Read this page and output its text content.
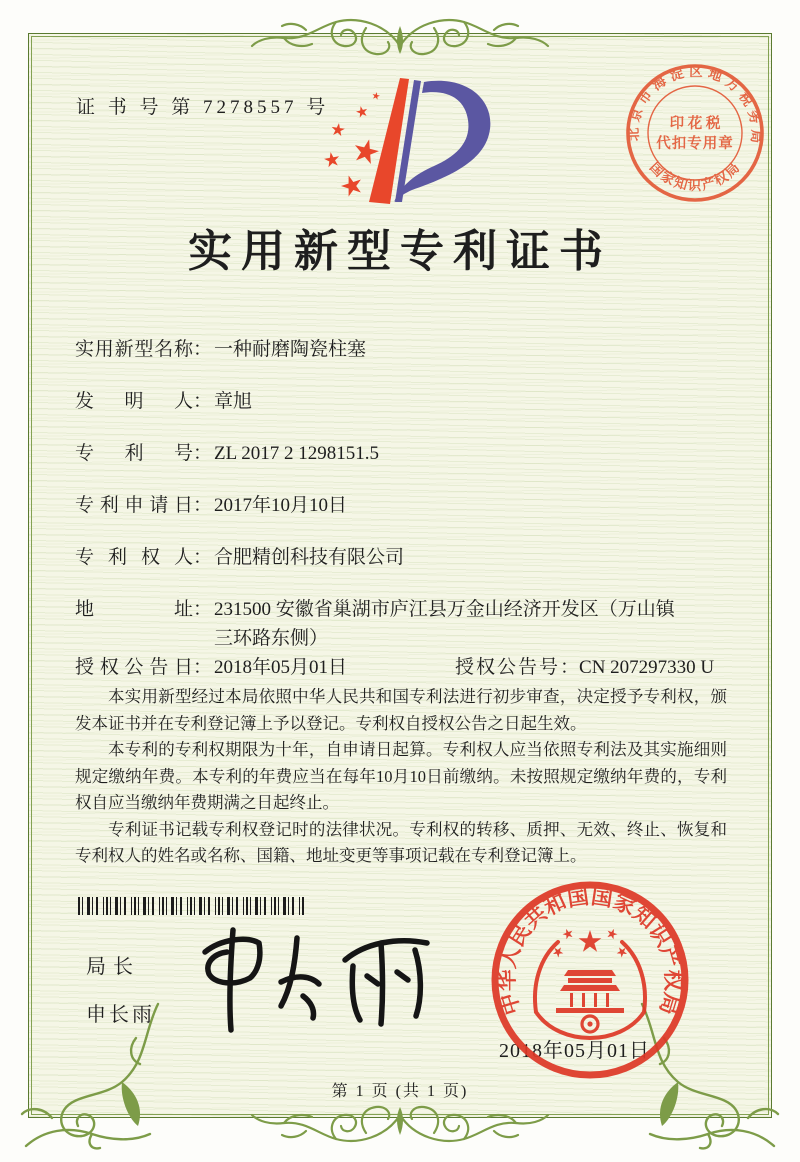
证 书 号 第 7278557 号
北京市海淀区地方税务局
国家知识产权局
印 花 税
代扣专用章
实用新型专利证书
实用新型名称 ： 一种耐磨陶瓷柱塞
发明人 ： 章旭
专利号 ： ZL 2017 2 1298151.5
专利申请日 ： 2017年10月10日
专利权人 ： 合肥精创科技有限公司
地址 ： 231500 安徽省巢湖市庐江县万金山经济开发区（万山镇三环路东侧）
授权公告日 ： 2018年05月01日	授权公告号：CN 207297330 U

本实用新型经过本局依照中华人民共和国专利法进行初步审查，决定授予专利权，颁发本证书并在专利登记簿上予以登记。专利权自授权公告之日起生效。

本专利的专利权期限为十年，自申请日起算。专利权人应当依照专利法及其实施细则规定缴纳年费。本专利的年费应当在每年10月10日前缴纳。未按照规定缴纳年费的，专利权自应当缴纳年费期满之日起终止。

专利证书记载专利权登记时的法律状况。专利权的转移、质押、无效、终止、恢复和专利权人的姓名或名称、国籍、地址变更等事项记载在专利登记簿上。

局长
申长雨	中华人民共和国国家知识产权局
2018年05月01日
第 1 页 (共 1 页)
